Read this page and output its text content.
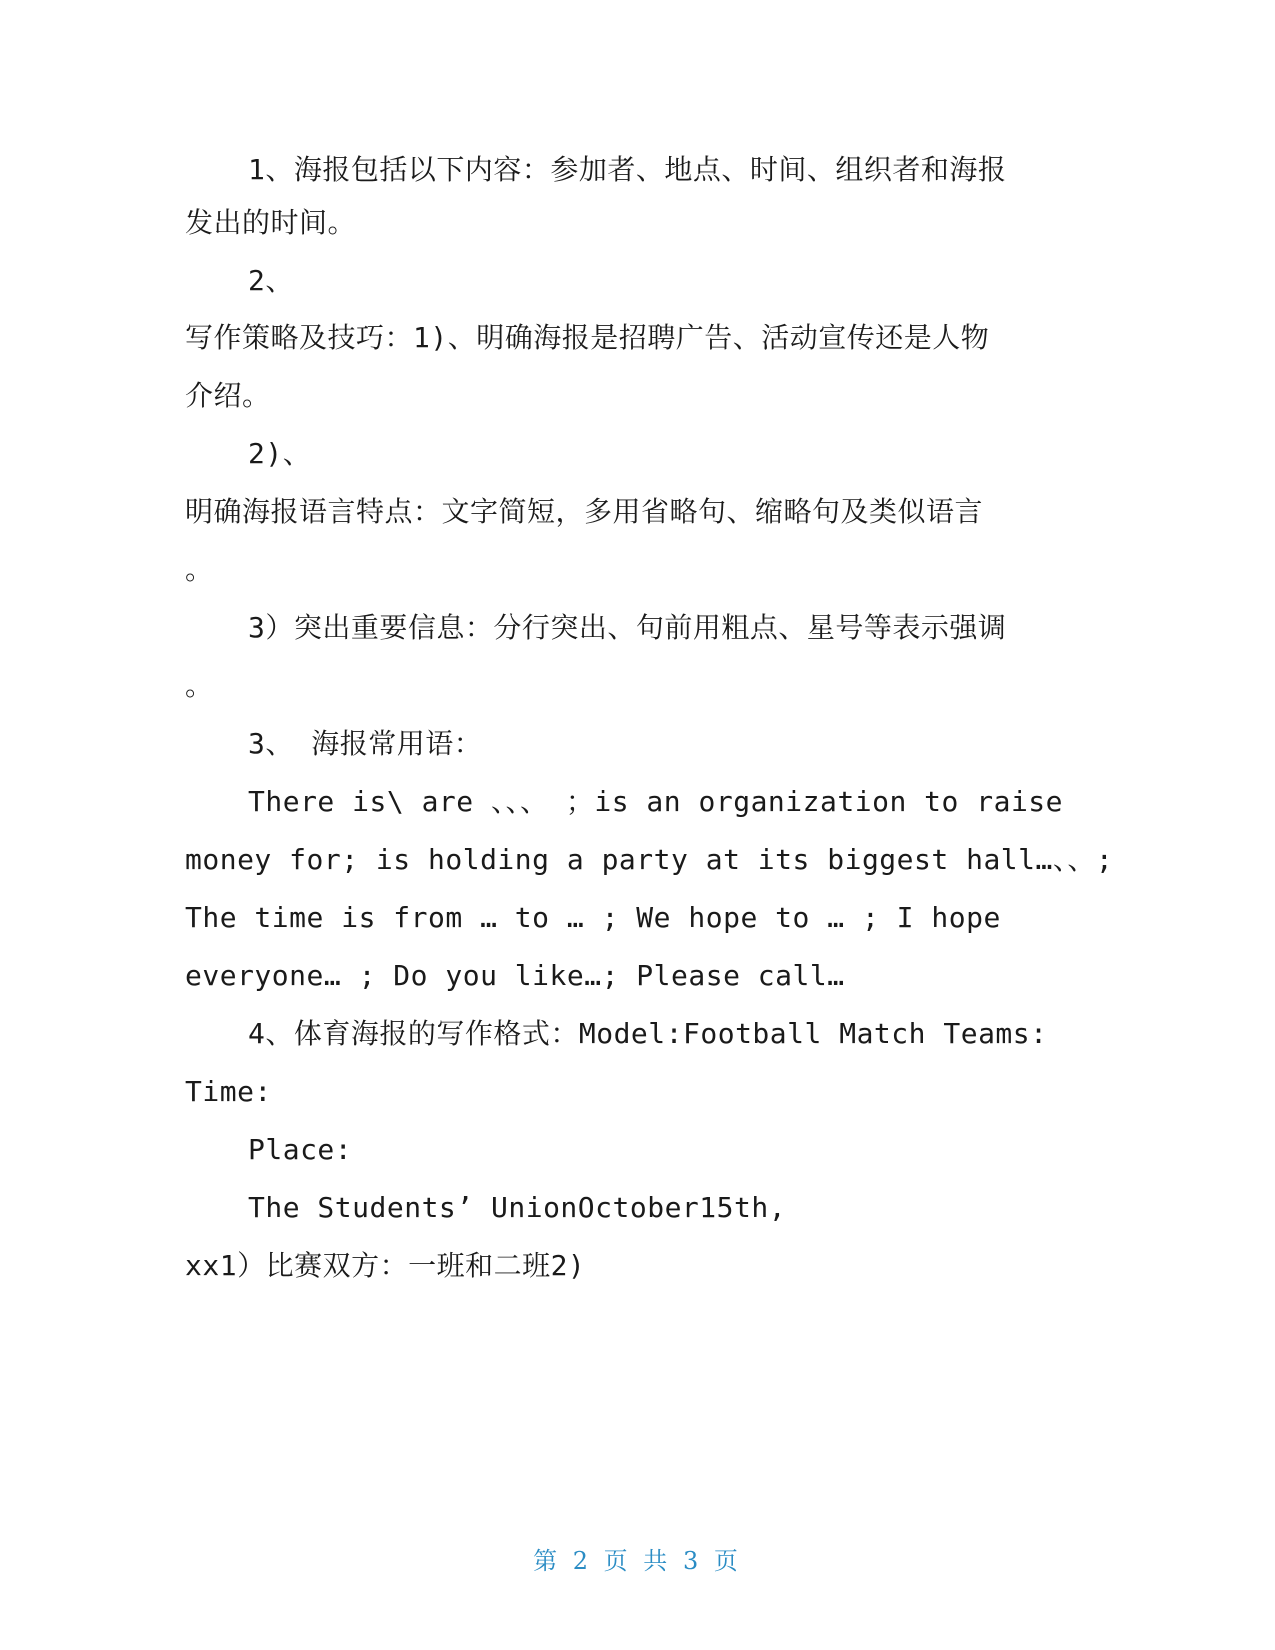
1、海报包括以下内容：参加者、地点、时间、组织者和海报
发出的时间。
2、
写作策略及技巧：1)、明确海报是招聘广告、活动宣传还是人物
介绍。
2)、
明确海报语言特点：文字简短，多用省略句、缩略句及类似语言
。
3）突出重要信息：分行突出、句前用粗点、星号等表示强调
。
3、 海报常用语：
There is\ are 、、、 ；is an organization to raise
money for; is holding a party at its biggest hall…、、;
The time is from … to … ; We hope to … ; I hope
everyone… ; Do you like…; Please call…
4、体育海报的写作格式：Model:Football Match Teams:
Time:
Place:
The Students’ UnionOctober15th,
xx1）比赛双方：一班和二班2)
第 2 页 共 3 页
